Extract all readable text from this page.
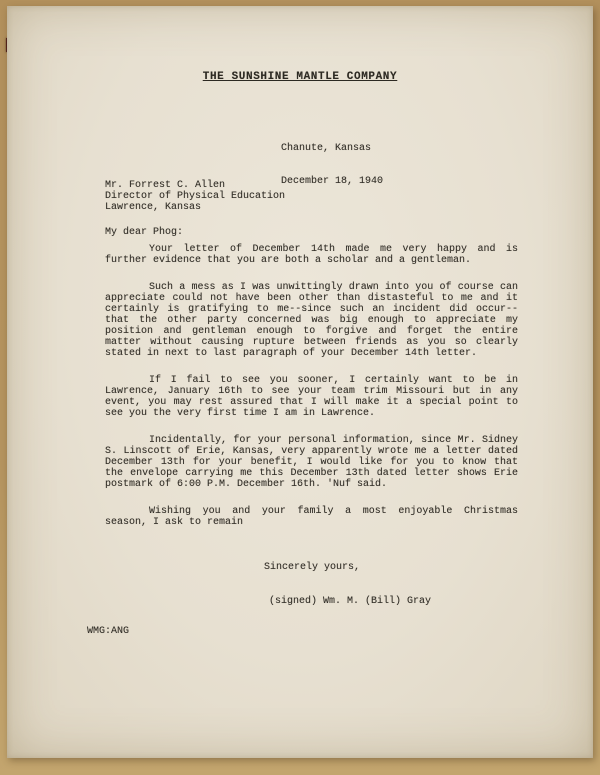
THE SUNSHINE MANTLE COMPANY

Chanute, Kansas

December 18, 1940

Mr. Forrest C. Allen
Director of Physical Education
Lawrence, Kansas
My dear Phog:

Your letter of December 14th made me very happy and is further evidence that you are both a scholar and a gentleman.

Such a mess as I was unwittingly drawn into you of course can appreciate could not have been other than distasteful to me and it certainly is gratifying to me--since such an incident did occur--that the other party concerned was big enough to appreciate my position and gentleman enough to forgive and forget the entire matter without causing rupture between friends as you so clearly stated in next to last paragraph of your December 14th letter.

If I fail to see you sooner, I certainly want to be in Lawrence, January 16th to see your team trim Missouri but in any event, you may rest assured that I will make it a special point to see you the very first time I am in Lawrence.

Incidentally, for your personal information, since Mr. Sidney S. Linscott of Erie, Kansas, very apparently wrote me a letter dated December 13th for your benefit, I would like for you to know that the envelope carrying me this December 13th dated letter shows Erie postmark of 6:00 P.M. December 16th. 'Nuf said.

Wishing you and your family a most enjoyable Christmas season, I ask to remain

Sincerely yours,
(signed) Wm. M. (Bill) Gray
WMG:ANG
